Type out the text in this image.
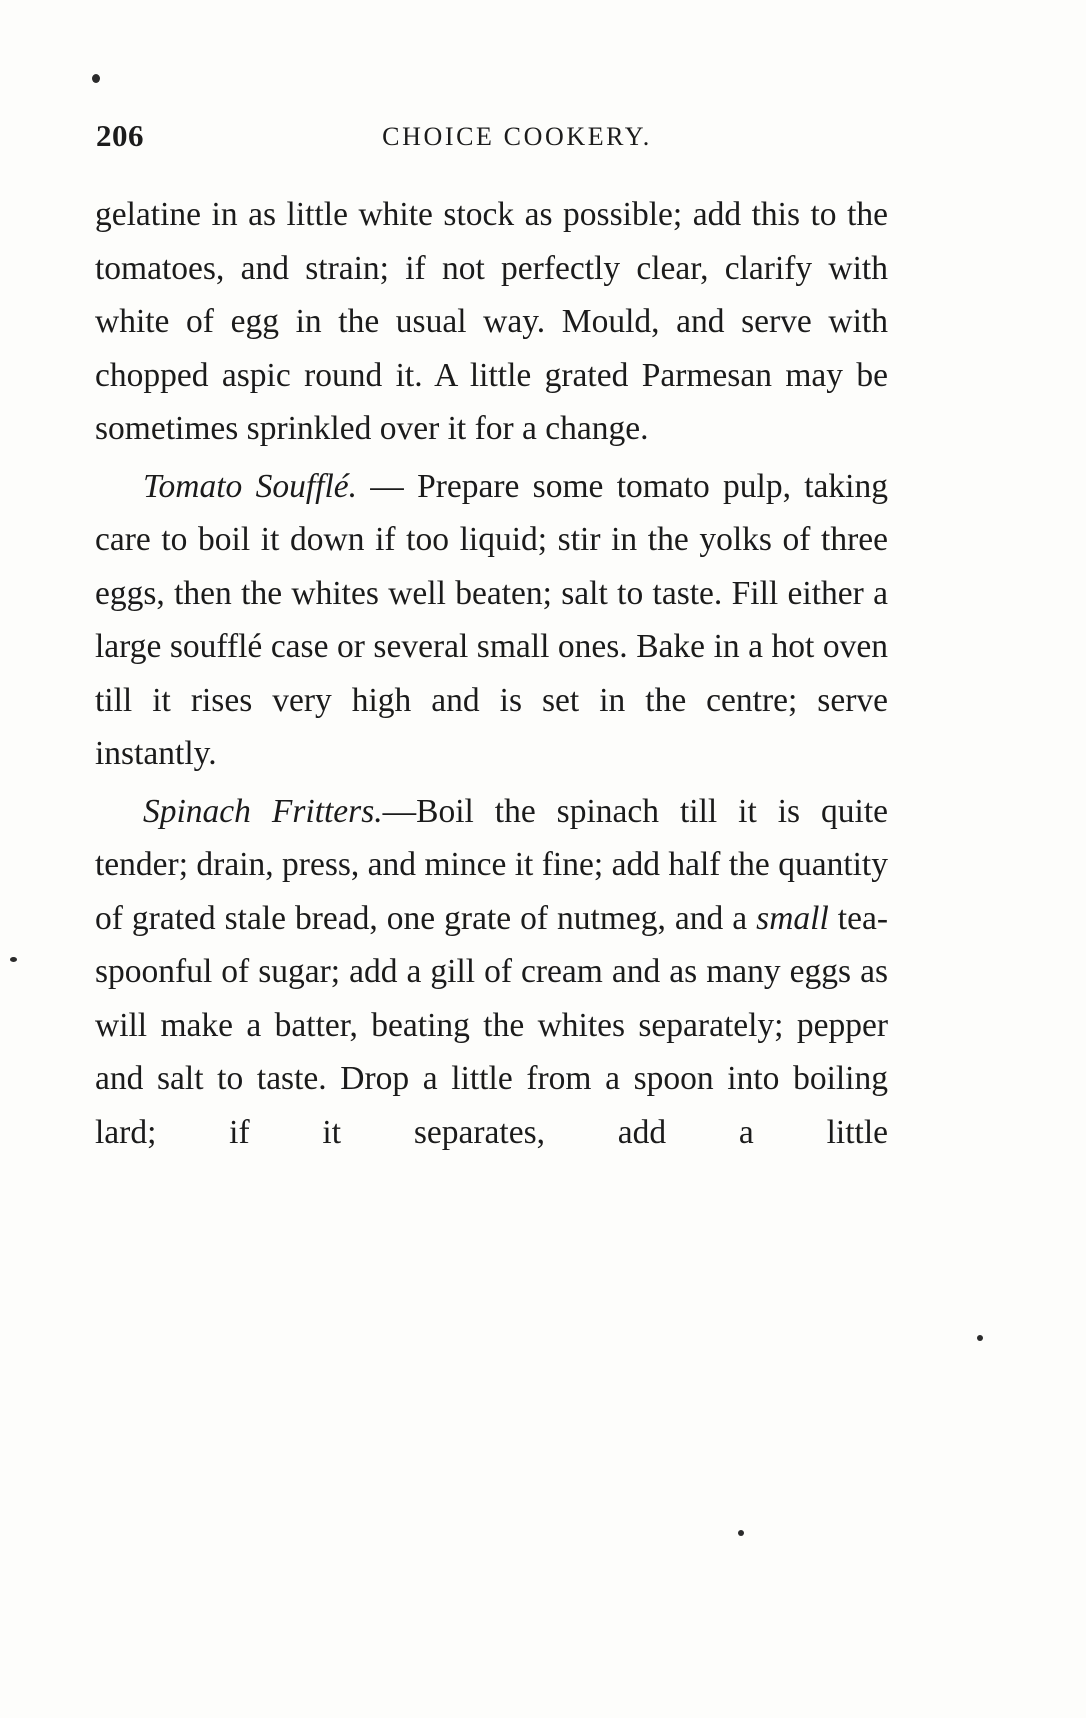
206	CHOICE COOKERY.

gelatine in as little white stock as possible; add this to the tomatoes, and strain; if not perfectly clear, clarify with white of egg in the usual way. Mould, and serve with chopped aspic round it. A little grated Parmesan may be sometimes sprinkled over it for a change.

Tomato Soufflé. — Prepare some tomato pulp, taking care to boil it down if too liquid; stir in the yolks of three eggs, then the whites well beaten; salt to taste. Fill either a large soufflé case or several small ones. Bake in a hot oven till it rises very high and is set in the centre; serve instantly.

Spinach Fritters.—Boil the spinach till it is quite tender; drain, press, and mince it fine; add half the quantity of grated stale bread, one grate of nutmeg, and a small tea-spoonful of sugar; add a gill of cream and as many eggs as will make a batter, beating the whites separately; pepper and salt to taste. Drop a little from a spoon into boiling lard; if it separates, add a little
